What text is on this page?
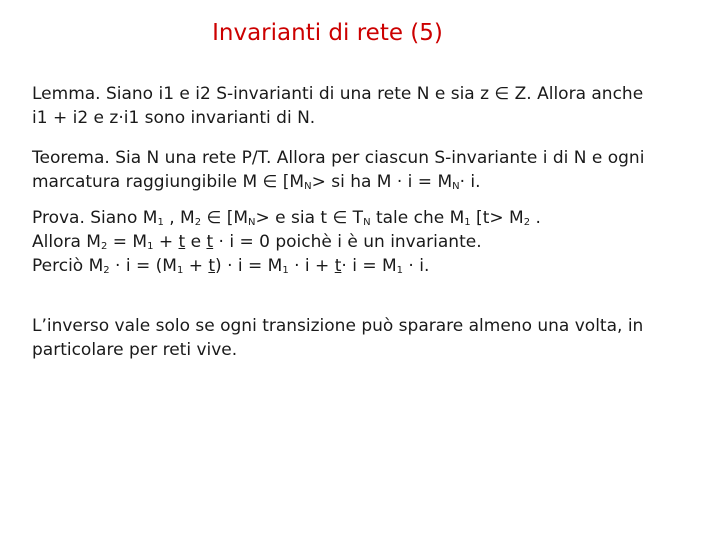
Invarianti di rete (5)
Lemma. Siano i1 e i2 S-invarianti di una rete N e sia z ∈ Z. Allora anche
i1 + i2 e z·i1 sono invarianti di N.
Teorema. Sia N una rete P/T. Allora per ciascun S-invariante i di N e ogni
marcatura raggiungibile M ∈ [$M_N>$ si ha $M \cdot i = M_N\cdot i$.
Prova. Siano $M_1$ , $M_2$ ∈ [$M_N> e$ sia t ∈ $T_N$ tale che $M_1$ [$t> M_2$ .
Allora $M_2 = M_1 + t$ e t · i = 0 poichè i è un invariante.
Perciò $M_2 \cdot i = (M_1 + t) \cdot i = M_1 \cdot i + t\cdot i = M_1 \cdot i$.
L’inverso vale solo se ogni transizione può sparare almeno una volta, in
particolare per reti vive.
